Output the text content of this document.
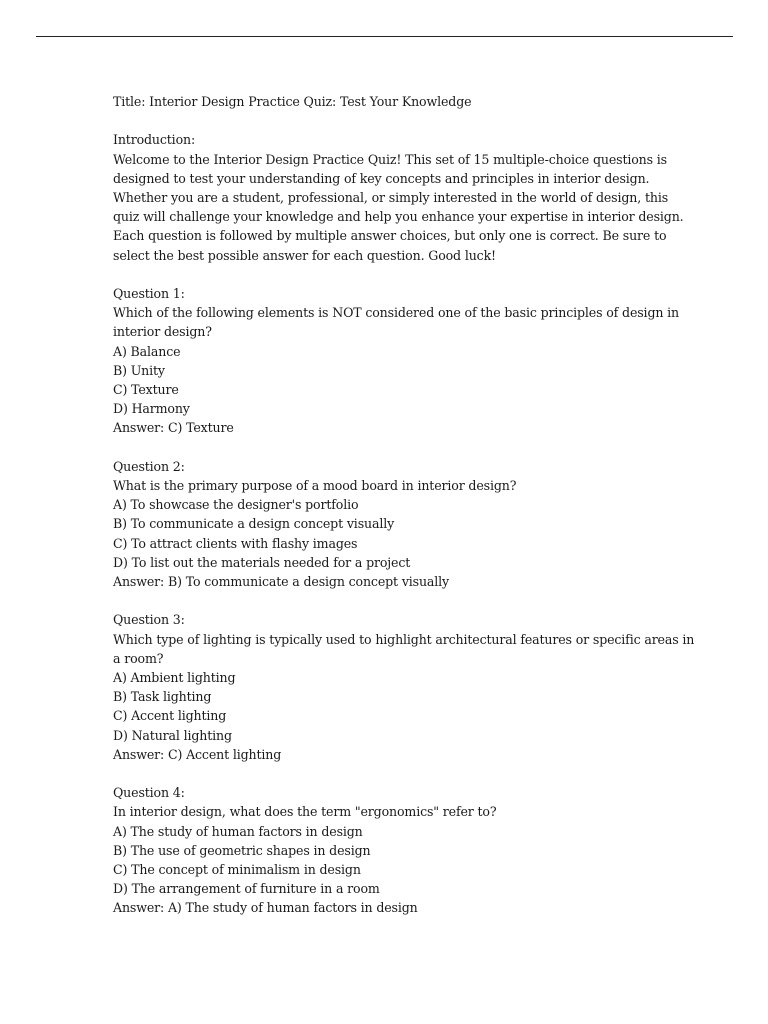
Title: Interior Design Practice Quiz: Test Your Knowledge
Introduction:
Welcome to the Interior Design Practice Quiz! This set of 15 multiple-choice questions is
designed to test your understanding of key concepts and principles in interior design.
Whether you are a student, professional, or simply interested in the world of design, this
quiz will challenge your knowledge and help you enhance your expertise in interior design.
Each question is followed by multiple answer choices, but only one is correct. Be sure to
select the best possible answer for each question. Good luck!
Question 1:
Which of the following elements is NOT considered one of the basic principles of design in
interior design?
A) Balance
B) Unity
C) Texture
D) Harmony
Answer: C) Texture
Question 2:
What is the primary purpose of a mood board in interior design?
A) To showcase the designer's portfolio
B) To communicate a design concept visually
C) To attract clients with flashy images
D) To list out the materials needed for a project
Answer: B) To communicate a design concept visually
Question 3:
Which type of lighting is typically used to highlight architectural features or specific areas in
a room?
A) Ambient lighting
B) Task lighting
C) Accent lighting
D) Natural lighting
Answer: C) Accent lighting
Question 4:
In interior design, what does the term "ergonomics" refer to?
A) The study of human factors in design
B) The use of geometric shapes in design
C) The concept of minimalism in design
D) The arrangement of furniture in a room
Answer: A) The study of human factors in design
